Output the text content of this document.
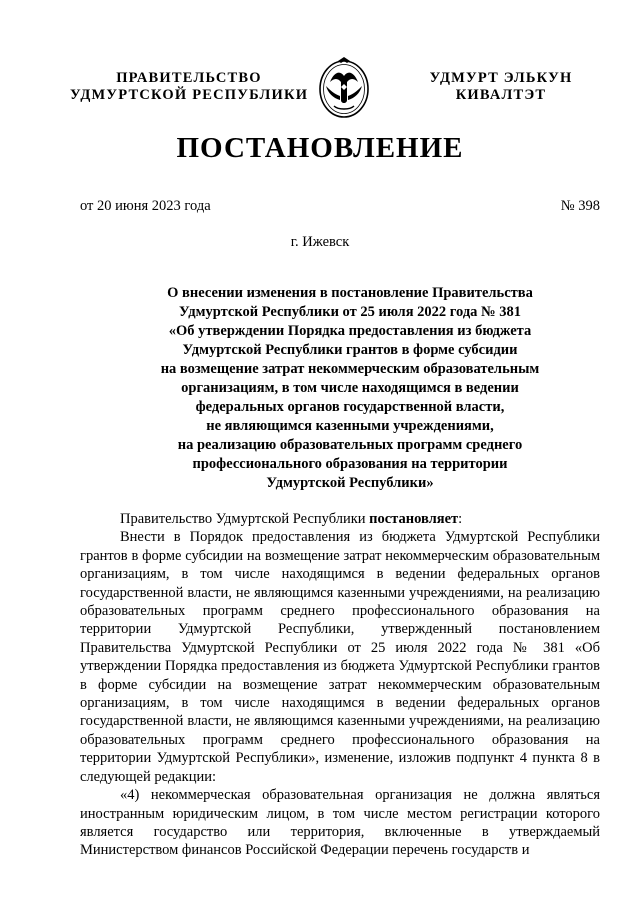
ПРАВИТЕЛЬСТВО
УДМУРТСКОЙ РЕСПУБЛИКИ
УДМУРТ ЭЛЬКУН
КИВАЛТЭТ
ПОСТАНОВЛЕНИЕ
от 20 июня 2023 года	№ 398
г. Ижевск
О внесении изменения в постановление Правительства
Удмуртской Республики от 25 июля 2022 года № 381
«Об утверждении Порядка предоставления из бюджета
Удмуртской Республики грантов в форме субсидии
на возмещение затрат некоммерческим образовательным
организациям, в том числе находящимся в ведении
федеральных органов государственной власти,
не являющимся казенными учреждениями,
на реализацию образовательных программ среднего
профессионального образования на территории
Удмуртской Республики»

Правительство Удмуртской Республики постановляет:

Внести в Порядок предоставления из бюджета Удмуртской Республики грантов в форме субсидии на возмещение затрат некоммерческим образовательным организациям, в том числе находящимся в ведении федеральных органов государственной власти, не являющимся казенными учреждениями, на реализацию образовательных программ среднего профессионального образования на территории Удмуртской Республики, утвержденный постановлением Правительства Удмуртской Республики от 25 июля 2022 года № 381 «Об утверждении Порядка предоставления из бюджета Удмуртской Республики грантов в форме субсидии на возмещение затрат некоммерческим образовательным организациям, в том числе находящимся в ведении федеральных органов государственной власти, не являющимся казенными учреждениями, на реализацию образовательных программ среднего профессионального образования на территории Удмуртской Республики», изменение, изложив подпункт 4 пункта 8 в следующей редакции:

«4) некоммерческая образовательная организация не должна являться иностранным юридическим лицом, в том числе местом регистрации которого является государство или территория, включенные в утверждаемый Министерством финансов Российской Федерации перечень государств и
